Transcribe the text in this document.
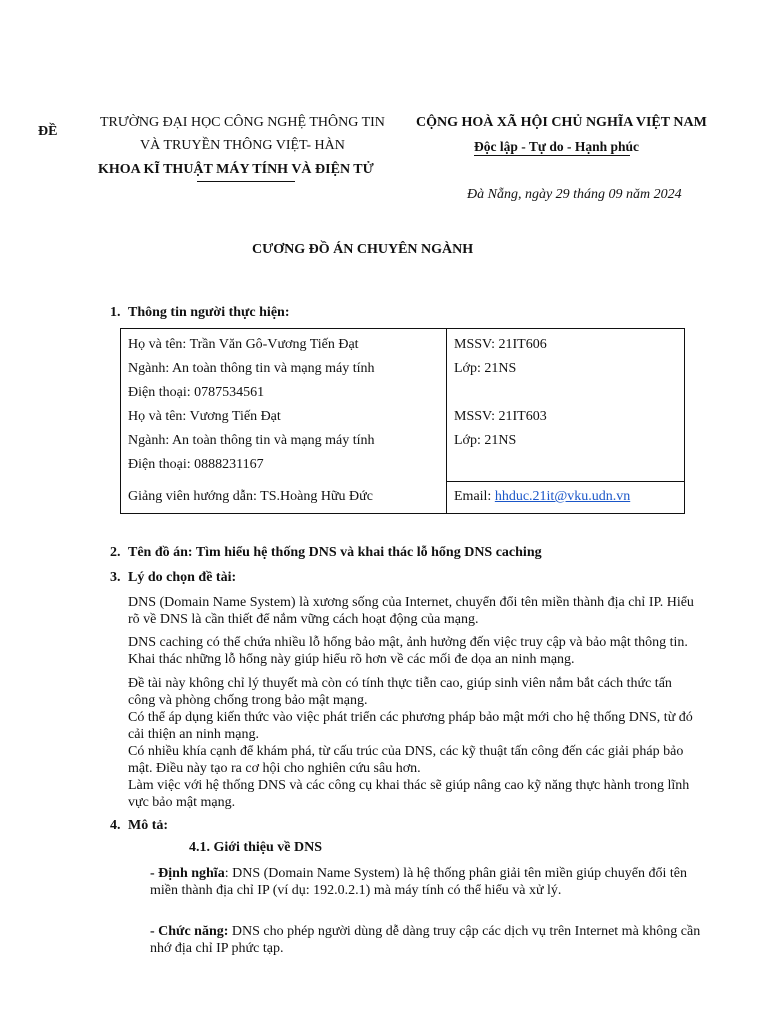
ĐỀ
TRƯỜNG ĐẠI HỌC CÔNG NGHỆ THÔNG TIN
VÀ TRUYỀN THÔNG VIỆT- HÀN
KHOA KĨ THUẬT MÁY TÍNH VÀ ĐIỆN TỬ
CỘNG HOÀ XÃ HỘI CHỦ NGHĨA VIỆT NAM
Độc lập - Tự do - Hạnh phúc
Đà Nẵng, ngày 29 tháng 09 năm 2024
CƯƠNG ĐỒ ÁN CHUYÊN NGÀNH
1. Thông tin người thực hiện:
Họ và tên: Trần Văn Gô-Vương Tiến Đạt
Ngành: An toàn thông tin và mạng máy tính
Điện thoại: 0787534561
Họ và tên: Vương Tiến Đạt
Ngành: An toàn thông tin và mạng máy tính
Điện thoại: 0888231167
Giảng viên hướng dẫn: TS.Hoàng Hữu Đức
MSSV: 21IT606
Lớp: 21NS
MSSV: 21IT603
Lớp: 21NS
Email: hhduc.21it@vku.udn.vn
2. Tên đồ án: Tìm hiểu hệ thống DNS và khai thác lỗ hổng DNS caching
3. Lý do chọn đề tài:
DNS (Domain Name System) là xương sống của Internet, chuyển đổi tên miền thành địa chỉ IP. Hiểu rõ về DNS là cần thiết để nắm vững cách hoạt động của mạng.
DNS caching có thể chứa nhiều lỗ hổng bảo mật, ảnh hưởng đến việc truy cập và bảo mật thông tin. Khai thác những lỗ hổng này giúp hiểu rõ hơn về các mối đe dọa an ninh mạng.
Đề tài này không chỉ lý thuyết mà còn có tính thực tiễn cao, giúp sinh viên nắm bắt cách thức tấn công và phòng chống trong bảo mật mạng.
Có thể áp dụng kiến thức vào việc phát triển các phương pháp bảo mật mới cho hệ thống DNS, từ đó cải thiện an ninh mạng.
Có nhiều khía cạnh để khám phá, từ cấu trúc của DNS, các kỹ thuật tấn công đến các giải pháp bảo mật. Điều này tạo ra cơ hội cho nghiên cứu sâu hơn.
Làm việc với hệ thống DNS và các công cụ khai thác sẽ giúp nâng cao kỹ năng thực hành trong lĩnh vực bảo mật mạng.
4. Mô tả:
4.1. Giới thiệu về DNS
- Định nghĩa: DNS (Domain Name System) là hệ thống phân giải tên miền giúp chuyển đổi tên miền thành địa chỉ IP (ví dụ: 192.0.2.1) mà máy tính có thể hiểu và xử lý.
- Chức năng: DNS cho phép người dùng dễ dàng truy cập các dịch vụ trên Internet mà không cần nhớ địa chỉ IP phức tạp.
